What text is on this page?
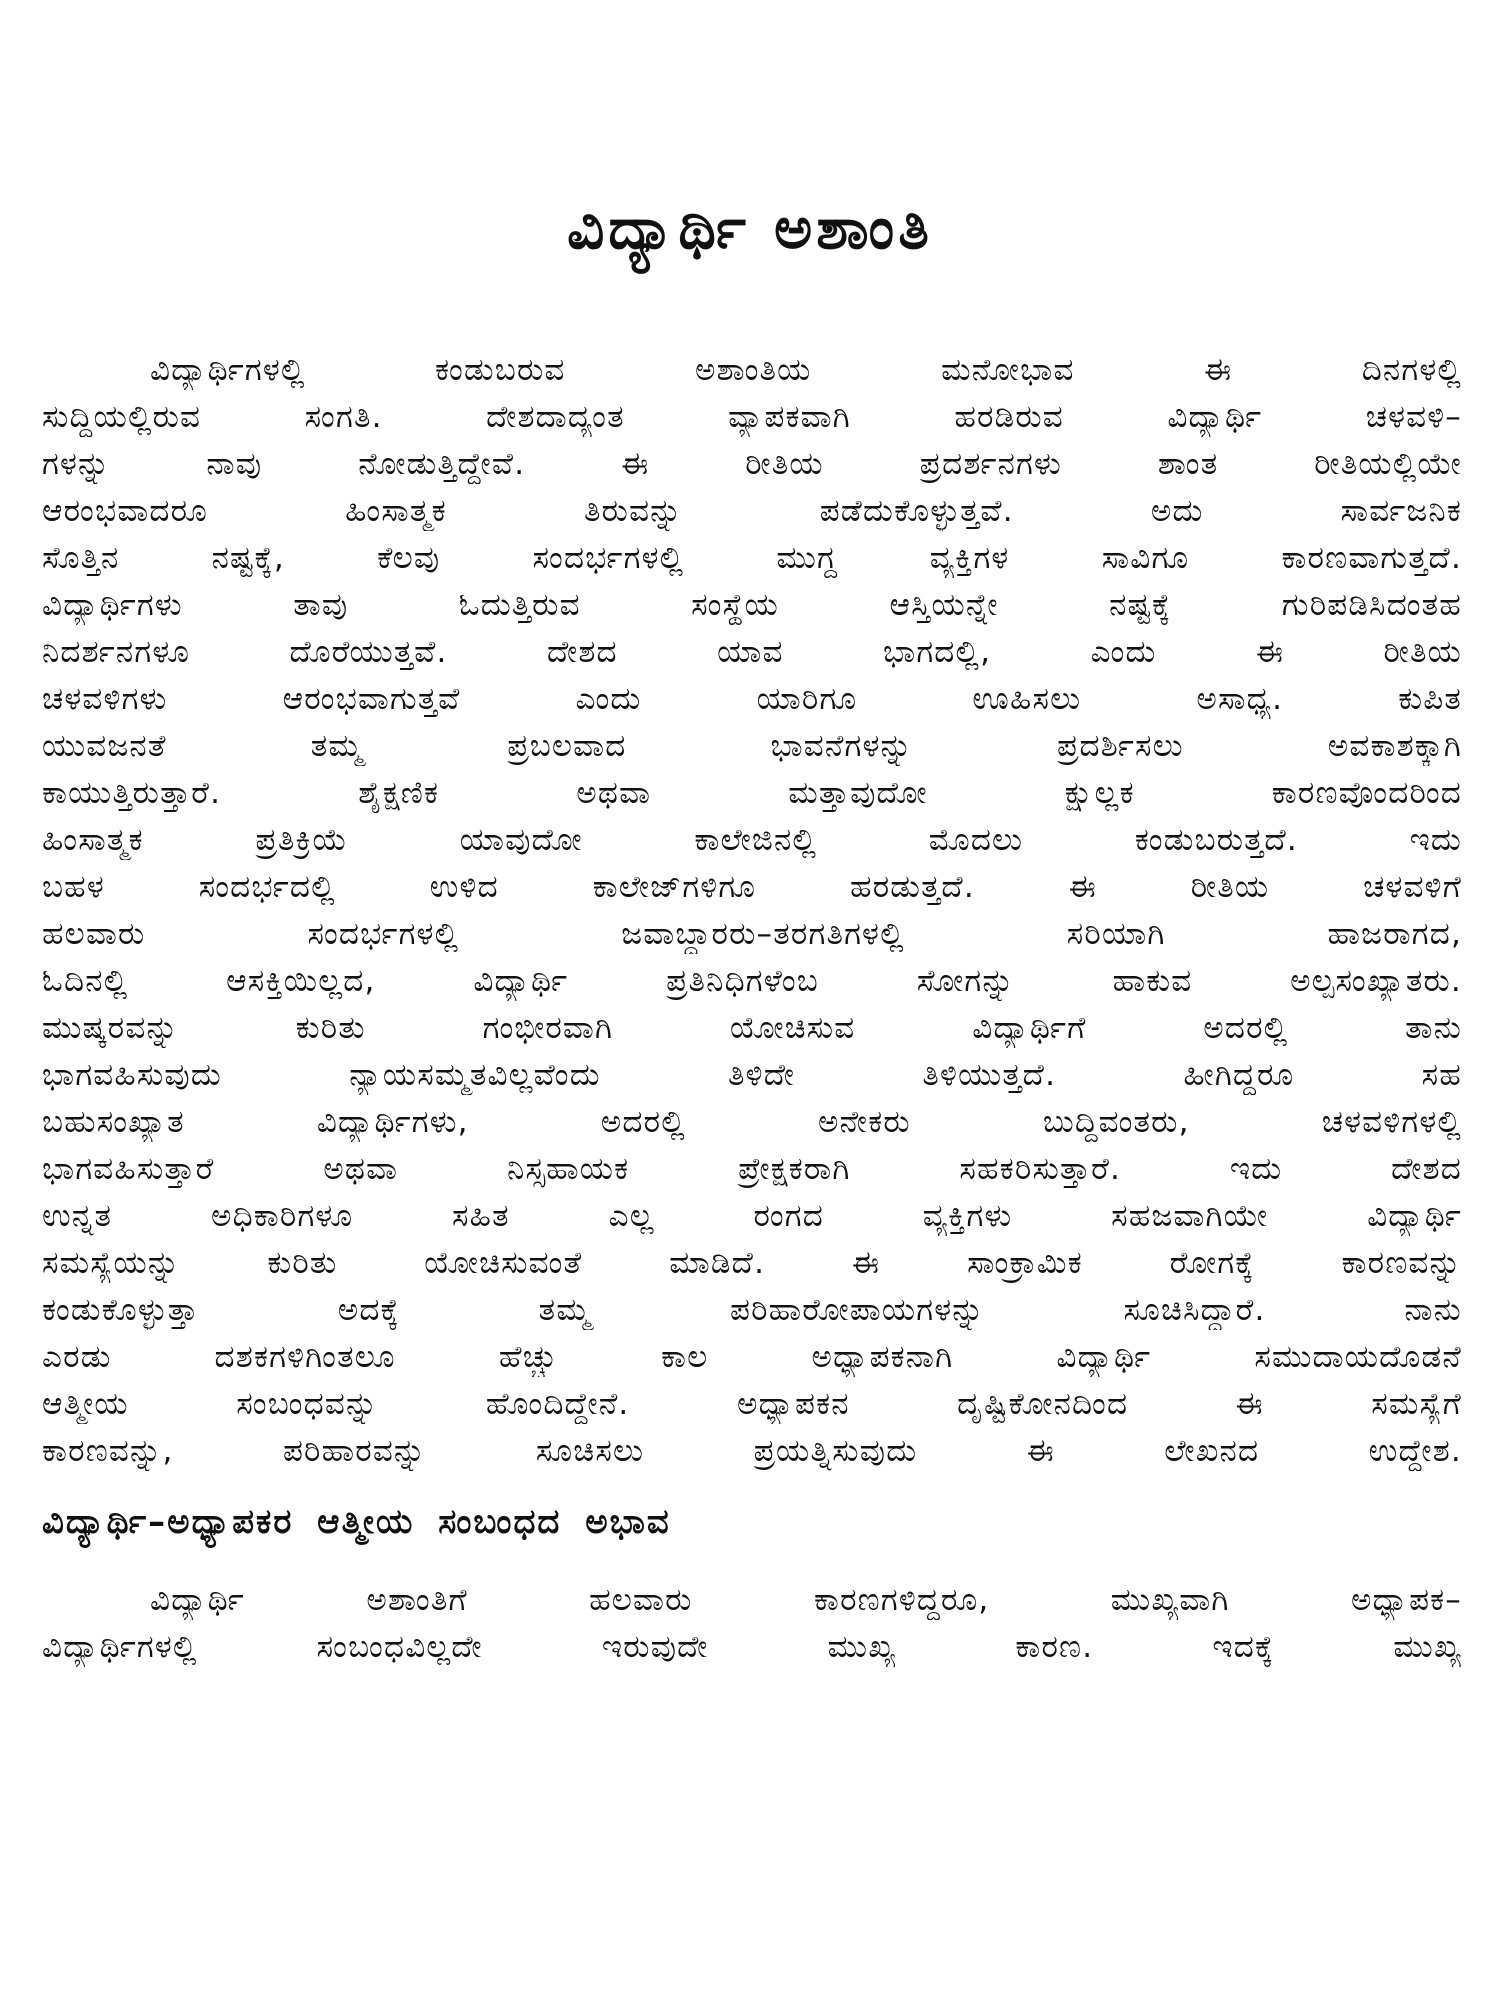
ವಿದ್ಯಾರ್ಥಿ ಅಶಾಂತಿ
ವಿದ್ಯಾರ್ಥಿಗಳಲ್ಲಿ ಕಂಡುಬರುವ ಅಶಾಂತಿಯ ಮನೋಭಾವ ಈ ದಿನಗಳಲ್ಲಿ
ಸುದ್ದಿಯಲ್ಲಿರುವ ಸಂಗತಿ. ದೇಶದಾದ್ಯಂತ ವ್ಯಾಪಕವಾಗಿ ಹರಡಿರುವ ವಿದ್ಯಾರ್ಥಿ ಚಳವಳಿ–
ಗಳನ್ನು ನಾವು ನೋಡುತ್ತಿದ್ದೇವೆ. ಈ ರೀತಿಯ ಪ್ರದರ್ಶನಗಳು ಶಾಂತ ರೀತಿಯಲ್ಲಿಯೇ
ಆರಂಭವಾದರೂ ಹಿಂಸಾತ್ಮಕ ತಿರುವನ್ನು ಪಡೆದುಕೊಳ್ಳುತ್ತವೆ. ಅದು ಸಾರ್ವಜನಿಕ
ಸೊತ್ತಿನ ನಷ್ಟಕ್ಕೆ, ಕೆಲವು ಸಂದರ್ಭಗಳಲ್ಲಿ ಮುಗ್ಧ ವ್ಯಕ್ತಿಗಳ ಸಾವಿಗೂ ಕಾರಣವಾಗುತ್ತದೆ.
ವಿದ್ಯಾರ್ಥಿಗಳು ತಾವು ಓದುತ್ತಿರುವ ಸಂಸ್ಥೆಯ ಆಸ್ತಿಯನ್ನೇ ನಷ್ಟಕ್ಕೆ ಗುರಿಪಡಿಸಿದಂತಹ
ನಿದರ್ಶನಗಳೂ ದೊರೆಯುತ್ತವೆ. ದೇಶದ ಯಾವ ಭಾಗದಲ್ಲಿ, ಎಂದು ಈ ರೀತಿಯ
ಚಳವಳಿಗಳು ಆರಂಭವಾಗುತ್ತವೆ ಎಂದು ಯಾರಿಗೂ ಊಹಿಸಲು ಅಸಾಧ್ಯ. ಕುಪಿತ
ಯುವಜನತೆ ತಮ್ಮ ಪ್ರಬಲವಾದ ಭಾವನೆಗಳನ್ನು ಪ್ರದರ್ಶಿಸಲು ಅವಕಾಶಕ್ಕಾಗಿ
ಕಾಯುತ್ತಿರುತ್ತಾರೆ. ಶೈಕ್ಷಣಿಕ ಅಥವಾ ಮತ್ತಾವುದೋ ಕ್ಷುಲ್ಲಕ ಕಾರಣವೊಂದರಿಂದ
ಹಿಂಸಾತ್ಮಕ ಪ್ರತಿಕ್ರಿಯೆ ಯಾವುದೋ ಕಾಲೇಜಿನಲ್ಲಿ ಮೊದಲು ಕಂಡುಬರುತ್ತದೆ. ಇದು
ಬಹಳ ಸಂದರ್ಭದಲ್ಲಿ ಉಳಿದ ಕಾಲೇಜ್‌ಗಳಿಗೂ ಹರಡುತ್ತದೆ. ಈ ರೀತಿಯ ಚಳವಳಿಗೆ
ಹಲವಾರು ಸಂದರ್ಭಗಳಲ್ಲಿ ಜವಾಬ್ದಾರರು–ತರಗತಿಗಳಲ್ಲಿ ಸರಿಯಾಗಿ ಹಾಜರಾಗದ,
ಓದಿನಲ್ಲಿ ಆಸಕ್ತಿಯಿಲ್ಲದ, ವಿದ್ಯಾರ್ಥಿ ಪ್ರತಿನಿಧಿಗಳೆಂಬ ಸೋಗನ್ನು ಹಾಕುವ ಅಲ್ಪಸಂಖ್ಯಾತರು.
ಮುಷ್ಕರವನ್ನು ಕುರಿತು ಗಂಭೀರವಾಗಿ ಯೋಚಿಸುವ ವಿದ್ಯಾರ್ಥಿಗೆ ಅದರಲ್ಲಿ ತಾನು
ಭಾಗವಹಿಸುವುದು ನ್ಯಾಯಸಮ್ಮತವಿಲ್ಲವೆಂದು ತಿಳಿದೇ ತಿಳಿಯುತ್ತದೆ. ಹೀಗಿದ್ದರೂ ಸಹ
ಬಹುಸಂಖ್ಯಾತ ವಿದ್ಯಾರ್ಥಿಗಳು, ಅದರಲ್ಲಿ ಅನೇಕರು ಬುದ್ಧಿವಂತರು, ಚಳವಳಿಗಳಲ್ಲಿ
ಭಾಗವಹಿಸುತ್ತಾರೆ ಅಥವಾ ನಿಸ್ಸಹಾಯಕ ಪ್ರೇಕ್ಷಕರಾಗಿ ಸಹಕರಿಸುತ್ತಾರೆ. ಇದು ದೇಶದ
ಉನ್ನತ ಅಧಿಕಾರಿಗಳೂ ಸಹಿತ ಎಲ್ಲ ರಂಗದ ವ್ಯಕ್ತಿಗಳು ಸಹಜವಾಗಿಯೇ ವಿದ್ಯಾರ್ಥಿ
ಸಮಸ್ಯೆಯನ್ನು ಕುರಿತು ಯೋಚಿಸುವಂತೆ ಮಾಡಿದೆ. ಈ ಸಾಂಕ್ರಾಮಿಕ ರೋಗಕ್ಕೆ ಕಾರಣವನ್ನು
ಕಂಡುಕೊಳ್ಳುತ್ತಾ ಅದಕ್ಕೆ ತಮ್ಮ ಪರಿಹಾರೋಪಾಯಗಳನ್ನು ಸೂಚಿಸಿದ್ದಾರೆ. ನಾನು
ಎರಡು ದಶಕಗಳಿಗಿಂತಲೂ ಹೆಚ್ಚು ಕಾಲ ಅಧ್ಯಾಪಕನಾಗಿ ವಿದ್ಯಾರ್ಥಿ ಸಮುದಾಯದೊಡನೆ
ಆತ್ಮೀಯ ಸಂಬಂಧವನ್ನು ಹೊಂದಿದ್ದೇನೆ. ಅಧ್ಯಾಪಕನ ದೃಷ್ಟಿಕೋನದಿಂದ ಈ ಸಮಸ್ಯೆಗೆ
ಕಾರಣವನ್ನು, ಪರಿಹಾರವನ್ನು ಸೂಚಿಸಲು ಪ್ರಯತ್ನಿಸುವುದು ಈ ಲೇಖನದ ಉದ್ದೇಶ.
ವಿದ್ಯಾರ್ಥಿ–ಅಧ್ಯಾಪಕರ ಆತ್ಮೀಯ ಸಂಬಂಧದ ಅಭಾವ
ವಿದ್ಯಾರ್ಥಿ ಅಶಾಂತಿಗೆ ಹಲವಾರು ಕಾರಣಗಳಿದ್ದರೂ, ಮುಖ್ಯವಾಗಿ ಅಧ್ಯಾಪಕ–
ವಿದ್ಯಾರ್ಥಿಗಳಲ್ಲಿ ಸಂಬಂಧವಿಲ್ಲದೇ ಇರುವುದೇ ಮುಖ್ಯ ಕಾರಣ. ಇದಕ್ಕೆ ಮುಖ್ಯ
